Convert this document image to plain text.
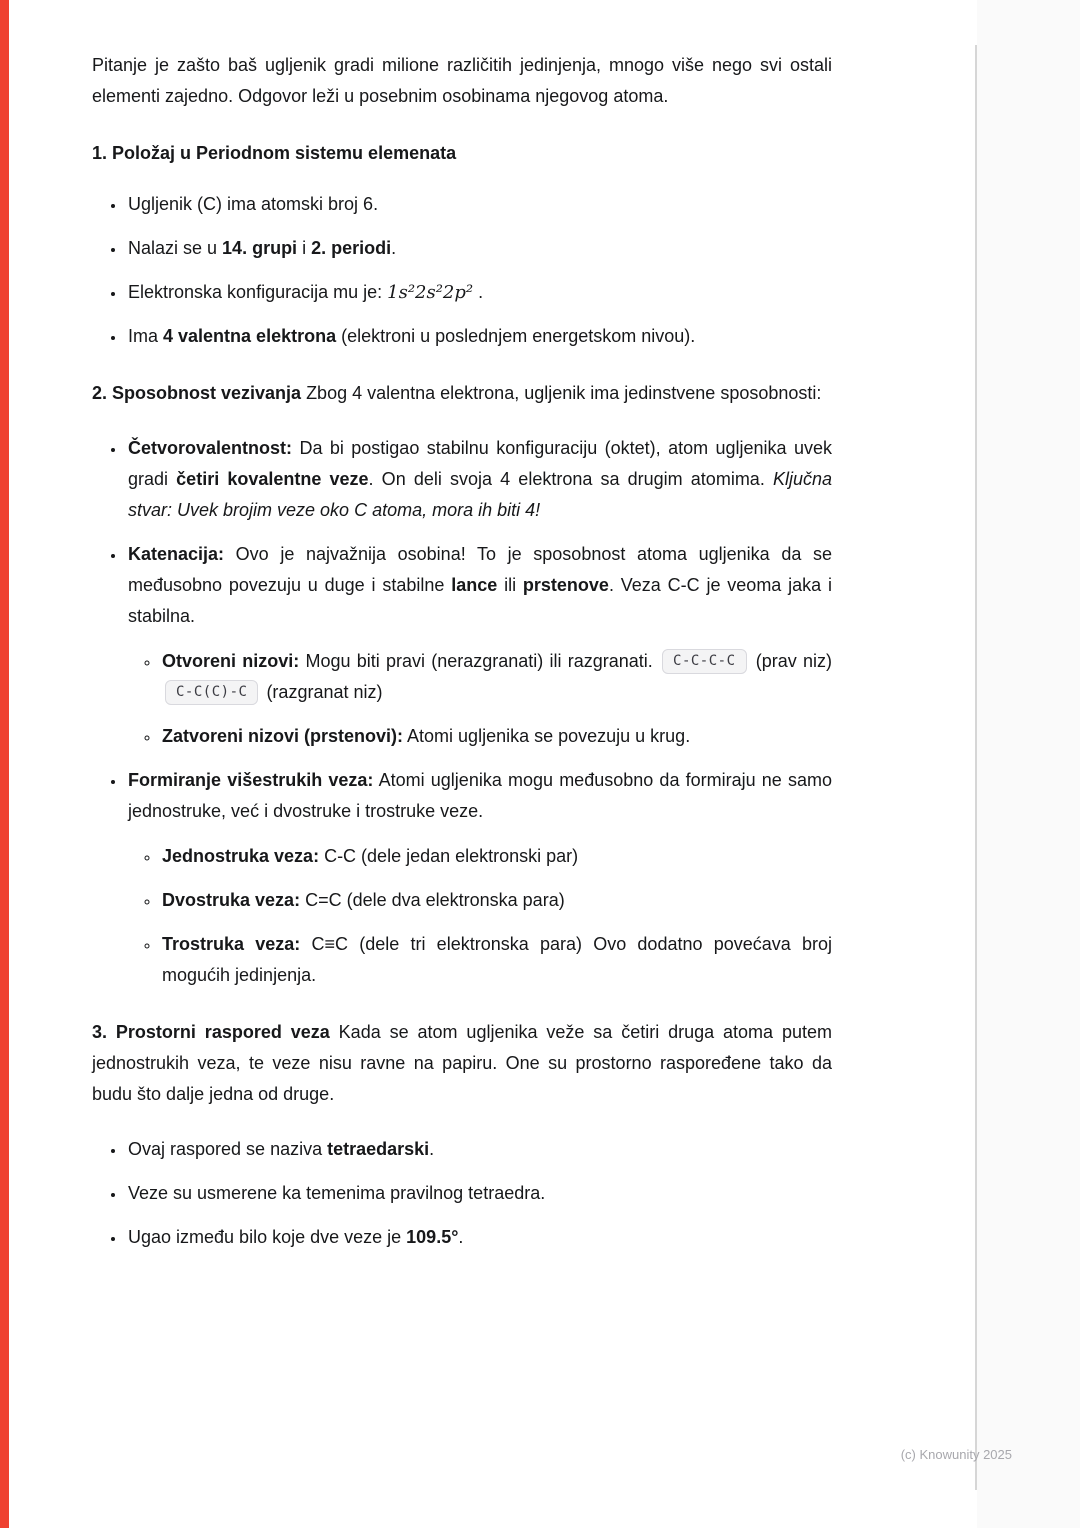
Pitanje je zašto baš ugljenik gradi milione različitih jedinjenja, mnogo više nego svi ostali elementi zajedno. Odgovor leži u posebnim osobinama njegovog atoma.

1. Položaj u Periodnom sistemu elemenata

• Ugljenik (C) ima atomski broj 6.
• Nalazi se u 14. grupi i 2. periodi.
• Elektronska konfiguracija mu je: 1s²2s²2p² .
• Ima 4 valentna elektrona (elektroni u poslednjem energetskom nivou).

2. Sposobnost vezivanja Zbog 4 valentna elektrona, ugljenik ima jedinstvene sposobnosti:

• Četvorovalentnost: Da bi postigao stabilnu konfiguraciju (oktet), atom ugljenika uvek gradi četiri kovalentne veze. On deli svoja 4 elektrona sa drugim atomima. Ključna stvar: Uvek brojim veze oko C atoma, mora ih biti 4!
• Katenacija: Ovo je najvažnija osobina! To je sposobnost atoma ugljenika da se međusobno povezuju u duge i stabilne lance ili prstenove. Veza C-C je veoma jaka i stabilna.
◦ Otvoreni nizovi: Mogu biti pravi (nerazgranati) ili razgranati. C-C-C-C (prav niz) C-C(C)-C (razgranat niz)
◦ Zatvoreni nizovi (prstenovi): Atomi ugljenika se povezuju u krug.
• Formiranje višestrukih veza: Atomi ugljenika mogu međusobno da formiraju ne samo jednostruke, već i dvostruke i trostruke veze.
◦ Jednostruka veza: C-C (dele jedan elektronski par)
◦ Dvostruka veza: C=C (dele dva elektronska para)
◦ Trostruka veza: C≡C (dele tri elektronska para) Ovo dodatno povećava broj mogućih jedinjenja.

3. Prostorni raspored veza Kada se atom ugljenika veže sa četiri druga atoma putem jednostrukih veza, te veze nisu ravne na papiru. One su prostorno raspoređene tako da budu što dalje jedna od druge.

• Ovaj raspored se naziva tetraedarski.
• Veze su usmerene ka temenima pravilnog tetraedra.
• Ugao između bilo koje dve veze je 109.5°.
(c) Knowunity 2025
